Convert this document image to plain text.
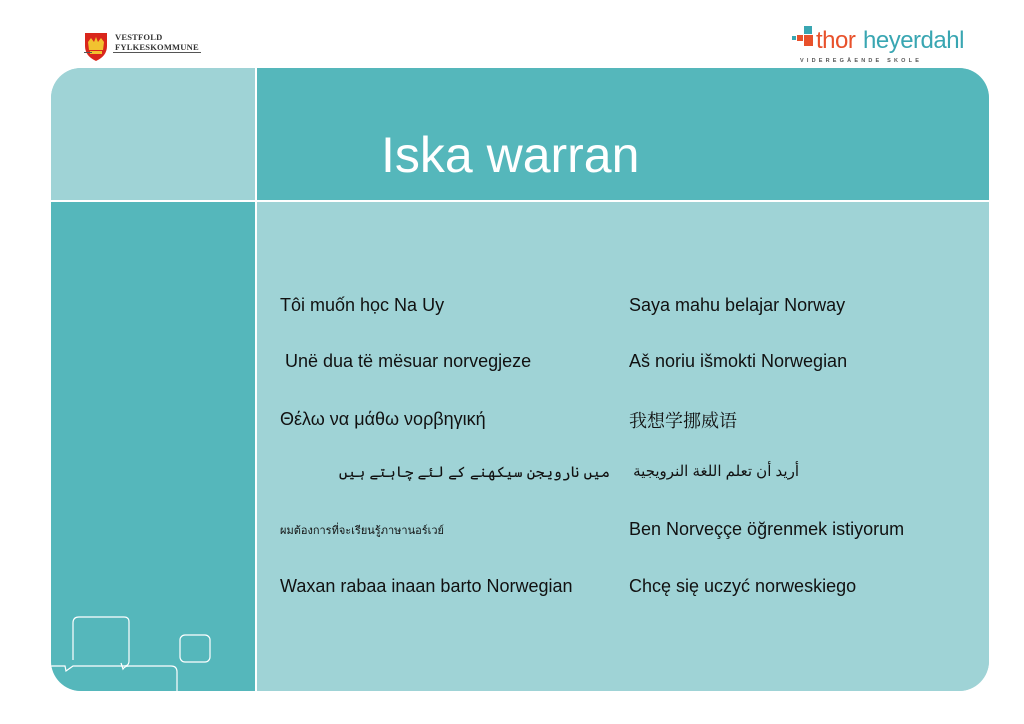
VESTFOLD
FYLKESKOMMUNE	thor heyerdahl
VIDEREGÅENDE SKOLE
Iska warran
Tôi muốn học Na Uy
Unë dua të mësuar norvegjeze
Θέλω να μάθω νορβηγική
میں نارویجن سیکھنے کے لئے چاہتے ہیں
ผมต้องการที่จะเรียนรู้ภาษานอร์เวย์
Waxan rabaa inaan barto Norwegian
Saya mahu belajar Norway
Aš noriu išmokti Norwegian
我想学挪威语
أريد أن تعلم اللغة النرويجية
Ben Norveççe öğrenmek istiyorum
Chcę się uczyć norweskiego
